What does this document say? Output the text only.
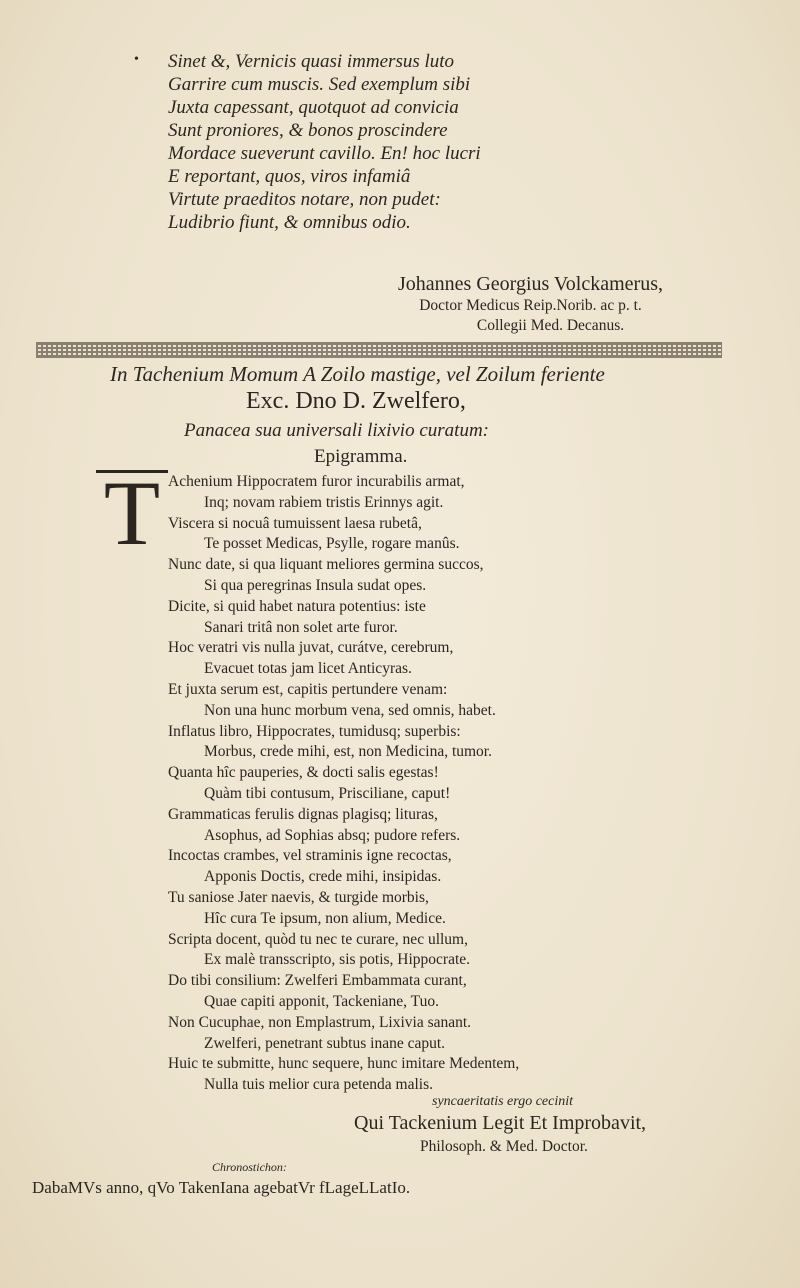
• Sinet &, Vernicis quasi immersus luto
Garrire cum muscis. Sed exemplum sibi
Juxta capessant, quotquot ad convicia
Sunt proniores, & bonos proscindere
Mordace sueverunt cavillo. En! hoc lucri
E reportant, quos, viros infamiâ
Virtute praeditos notare, non pudet:
Ludibrio fiunt, & omnibus odio.
Johannes Georgius Volckamerus,
Doctor Medicus Reip.Norib. ac p. t.
Collegii Med. Decanus.
In Tachenium Momum A Zoilo mastige, vel Zoilum feriente
Exc. Dno D. Zwelfero,
Panacea sua universali lixivio curatum:
Epigramma.
T Achenium Hippocratem furor incurabilis armat,
Inq; novam rabiem tristis Erinnys agit.
Viscera si nocuâ tumuissent laesa rubetâ,
Te posset Medicas, Psylle, rogare manûs.
Nunc date, si qua liquant meliores germina succos,
Si qua peregrinas Insula sudat opes.
Dicite, si quid habet natura potentius: iste
Sanari tritâ non solet arte furor.
Hoc veratri vis nulla juvat, curátve, cerebrum,
Evacuet totas jam licet Anticyras.
Et juxta serum est, capitis pertundere venam:
Non una hunc morbum vena, sed omnis, habet.
Inflatus libro, Hippocrates, tumidusq; superbis:
Morbus, crede mihi, est, non Medicina, tumor.
Quanta hîc pauperies, & docti salis egestas!
Quàm tibi contusum, Prisciliane, caput!
Grammaticas ferulis dignas plagisq; lituras,
Asophus, ad Sophias absq; pudore refers.
Incoctas crambes, vel straminis igne recoctas,
Apponis Doctis, crede mihi, insipidas.
Tu saniose Jater naevis, & turgide morbis,
Hîc cura Te ipsum, non alium, Medice.
Scripta docent, quòd tu nec te curare, nec ullum,
Ex malè transscripto, sis potis, Hippocrate.
Do tibi consilium: Zwelferi Embammata curant,
Quae capiti apponit, Tackeniane, Tuo.
Non Cucuphae, non Emplastrum, Lixivia sanant.
Zwelferi, penetrant subtus inane caput.
Huic te submitte, hunc sequere, hunc imitare Medentem,
Nulla tuis melior cura petenda malis.
syncaeritatis ergo cecinit
Qui Tackenium Legit Et Improbavit,
Philosoph. & Med. Doctor.
Chronostichon:
DabaMVs anno, qVo TakenIana agebatVr fLageLLatIo.
